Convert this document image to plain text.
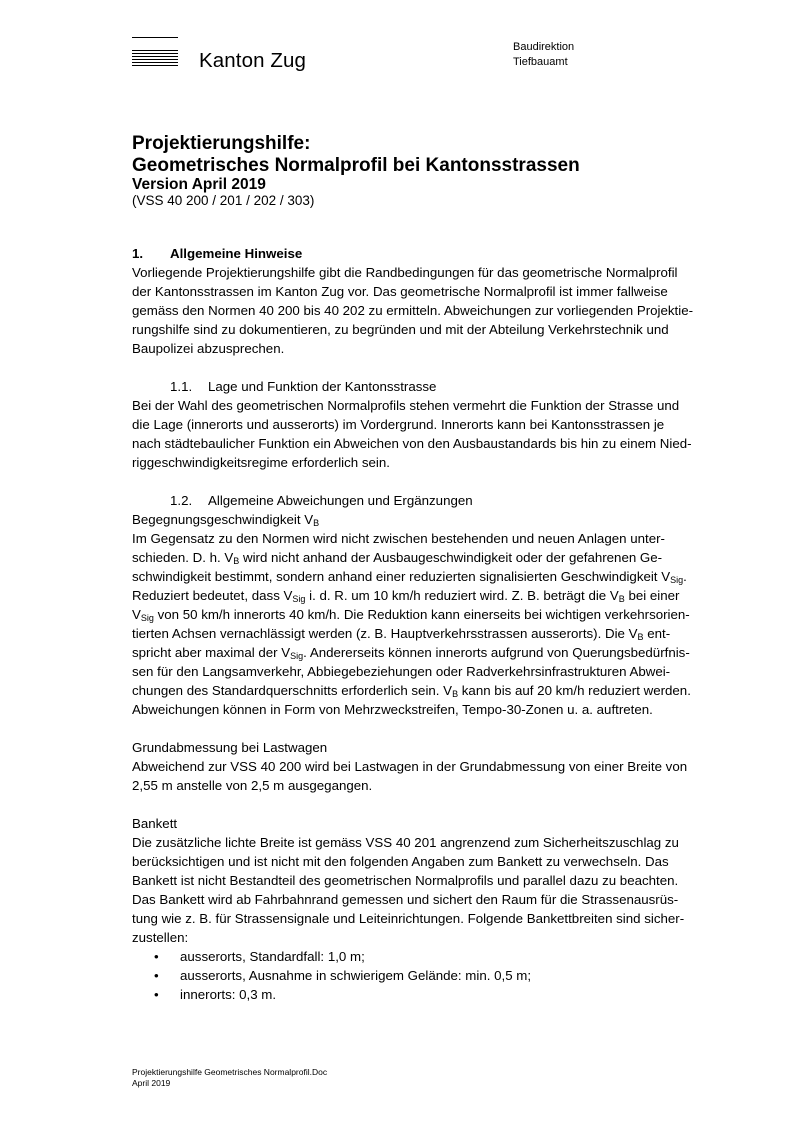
Kanton Zug
Baudirektion
Tiefbauamt
Projektierungshilfe:
Geometrisches Normalprofil bei Kantonsstrassen
Version April 2019
(VSS 40 200 / 201 / 202 / 303)

1. Allgemeine Hinweise

Vorliegende Projektierungshilfe gibt die Randbedingungen für das geometrische Normalprofil

der Kantonsstrassen im Kanton Zug vor. Das geometrische Normalprofil ist immer fallweise

gemäss den Normen 40 200 bis 40 202 zu ermitteln. Abweichungen zur vorliegenden Projektie-

rungshilfe sind zu dokumentieren, zu begründen und mit der Abteilung Verkehrstechnik und

Baupolizei abzusprechen.

1.1. Lage und Funktion der Kantonsstrasse

Bei der Wahl des geometrischen Normalprofils stehen vermehrt die Funktion der Strasse und

die Lage (innerorts und ausserorts) im Vordergrund. Innerorts kann bei Kantonsstrassen je

nach städtebaulicher Funktion ein Abweichen von den Ausbaustandards bis hin zu einem Nied-

riggeschwindigkeitsregime erforderlich sein.

1.2. Allgemeine Abweichungen und Ergänzungen

Begegnungsgeschwindigkeit $V_B$

Im Gegensatz zu den Normen wird nicht zwischen bestehenden und neuen Anlagen unter-

schieden. D. h. $V_B$ wird nicht anhand der Ausbaugeschwindigkeit oder der gefahrenen Ge-

schwindigkeit bestimmt, sondern anhand einer reduzierten signalisierten Geschwindigkeit $V_{Sig}$.

Reduziert bedeutet, dass $V_{Sig}$ i. d. R. um 10 km/h reduziert wird. Z. B. beträgt die $V_B$ bei einer

$V_{Sig}$ von 50 km/h innerorts 40 km/h. Die Reduktion kann einerseits bei wichtigen verkehrsorien-

tierten Achsen vernachlässigt werden (z. B. Hauptverkehrsstrassen ausserorts). Die $V_B$ ent-

spricht aber maximal der $V_{Sig}$. Andererseits können innerorts aufgrund von Querungsbedürfnis-

sen für den Langsamverkehr, Abbiegebeziehungen oder Radverkehrsinfrastrukturen Abwei-

chungen des Standardquerschnitts erforderlich sein. $V_B$ kann bis auf 20 km/h reduziert werden.

Abweichungen können in Form von Mehrzweckstreifen, Tempo-30-Zonen u. a. auftreten.

Grundabmessung bei Lastwagen

Abweichend zur VSS 40 200 wird bei Lastwagen in der Grundabmessung von einer Breite von

2,55 m anstelle von 2,5 m ausgegangen.

Bankett

Die zusätzliche lichte Breite ist gemäss VSS 40 201 angrenzend zum Sicherheitszuschlag zu

berücksichtigen und ist nicht mit den folgenden Angaben zum Bankett zu verwechseln. Das

Bankett ist nicht Bestandteil des geometrischen Normalprofils und parallel dazu zu beachten.

Das Bankett wird ab Fahrbahnrand gemessen und sichert den Raum für die Strassenausrüs-

tung wie z. B. für Strassensignale und Leiteinrichtungen. Folgende Bankettbreiten sind sicher-

zustellen:

• ausserorts, Standardfall: 1,0 m;
• ausserorts, Ausnahme in schwierigem Gelände: min. 0,5 m;
• innerorts: 0,3 m.
Projektierungshilfe Geometrisches Normalprofil.Doc
April 2019
